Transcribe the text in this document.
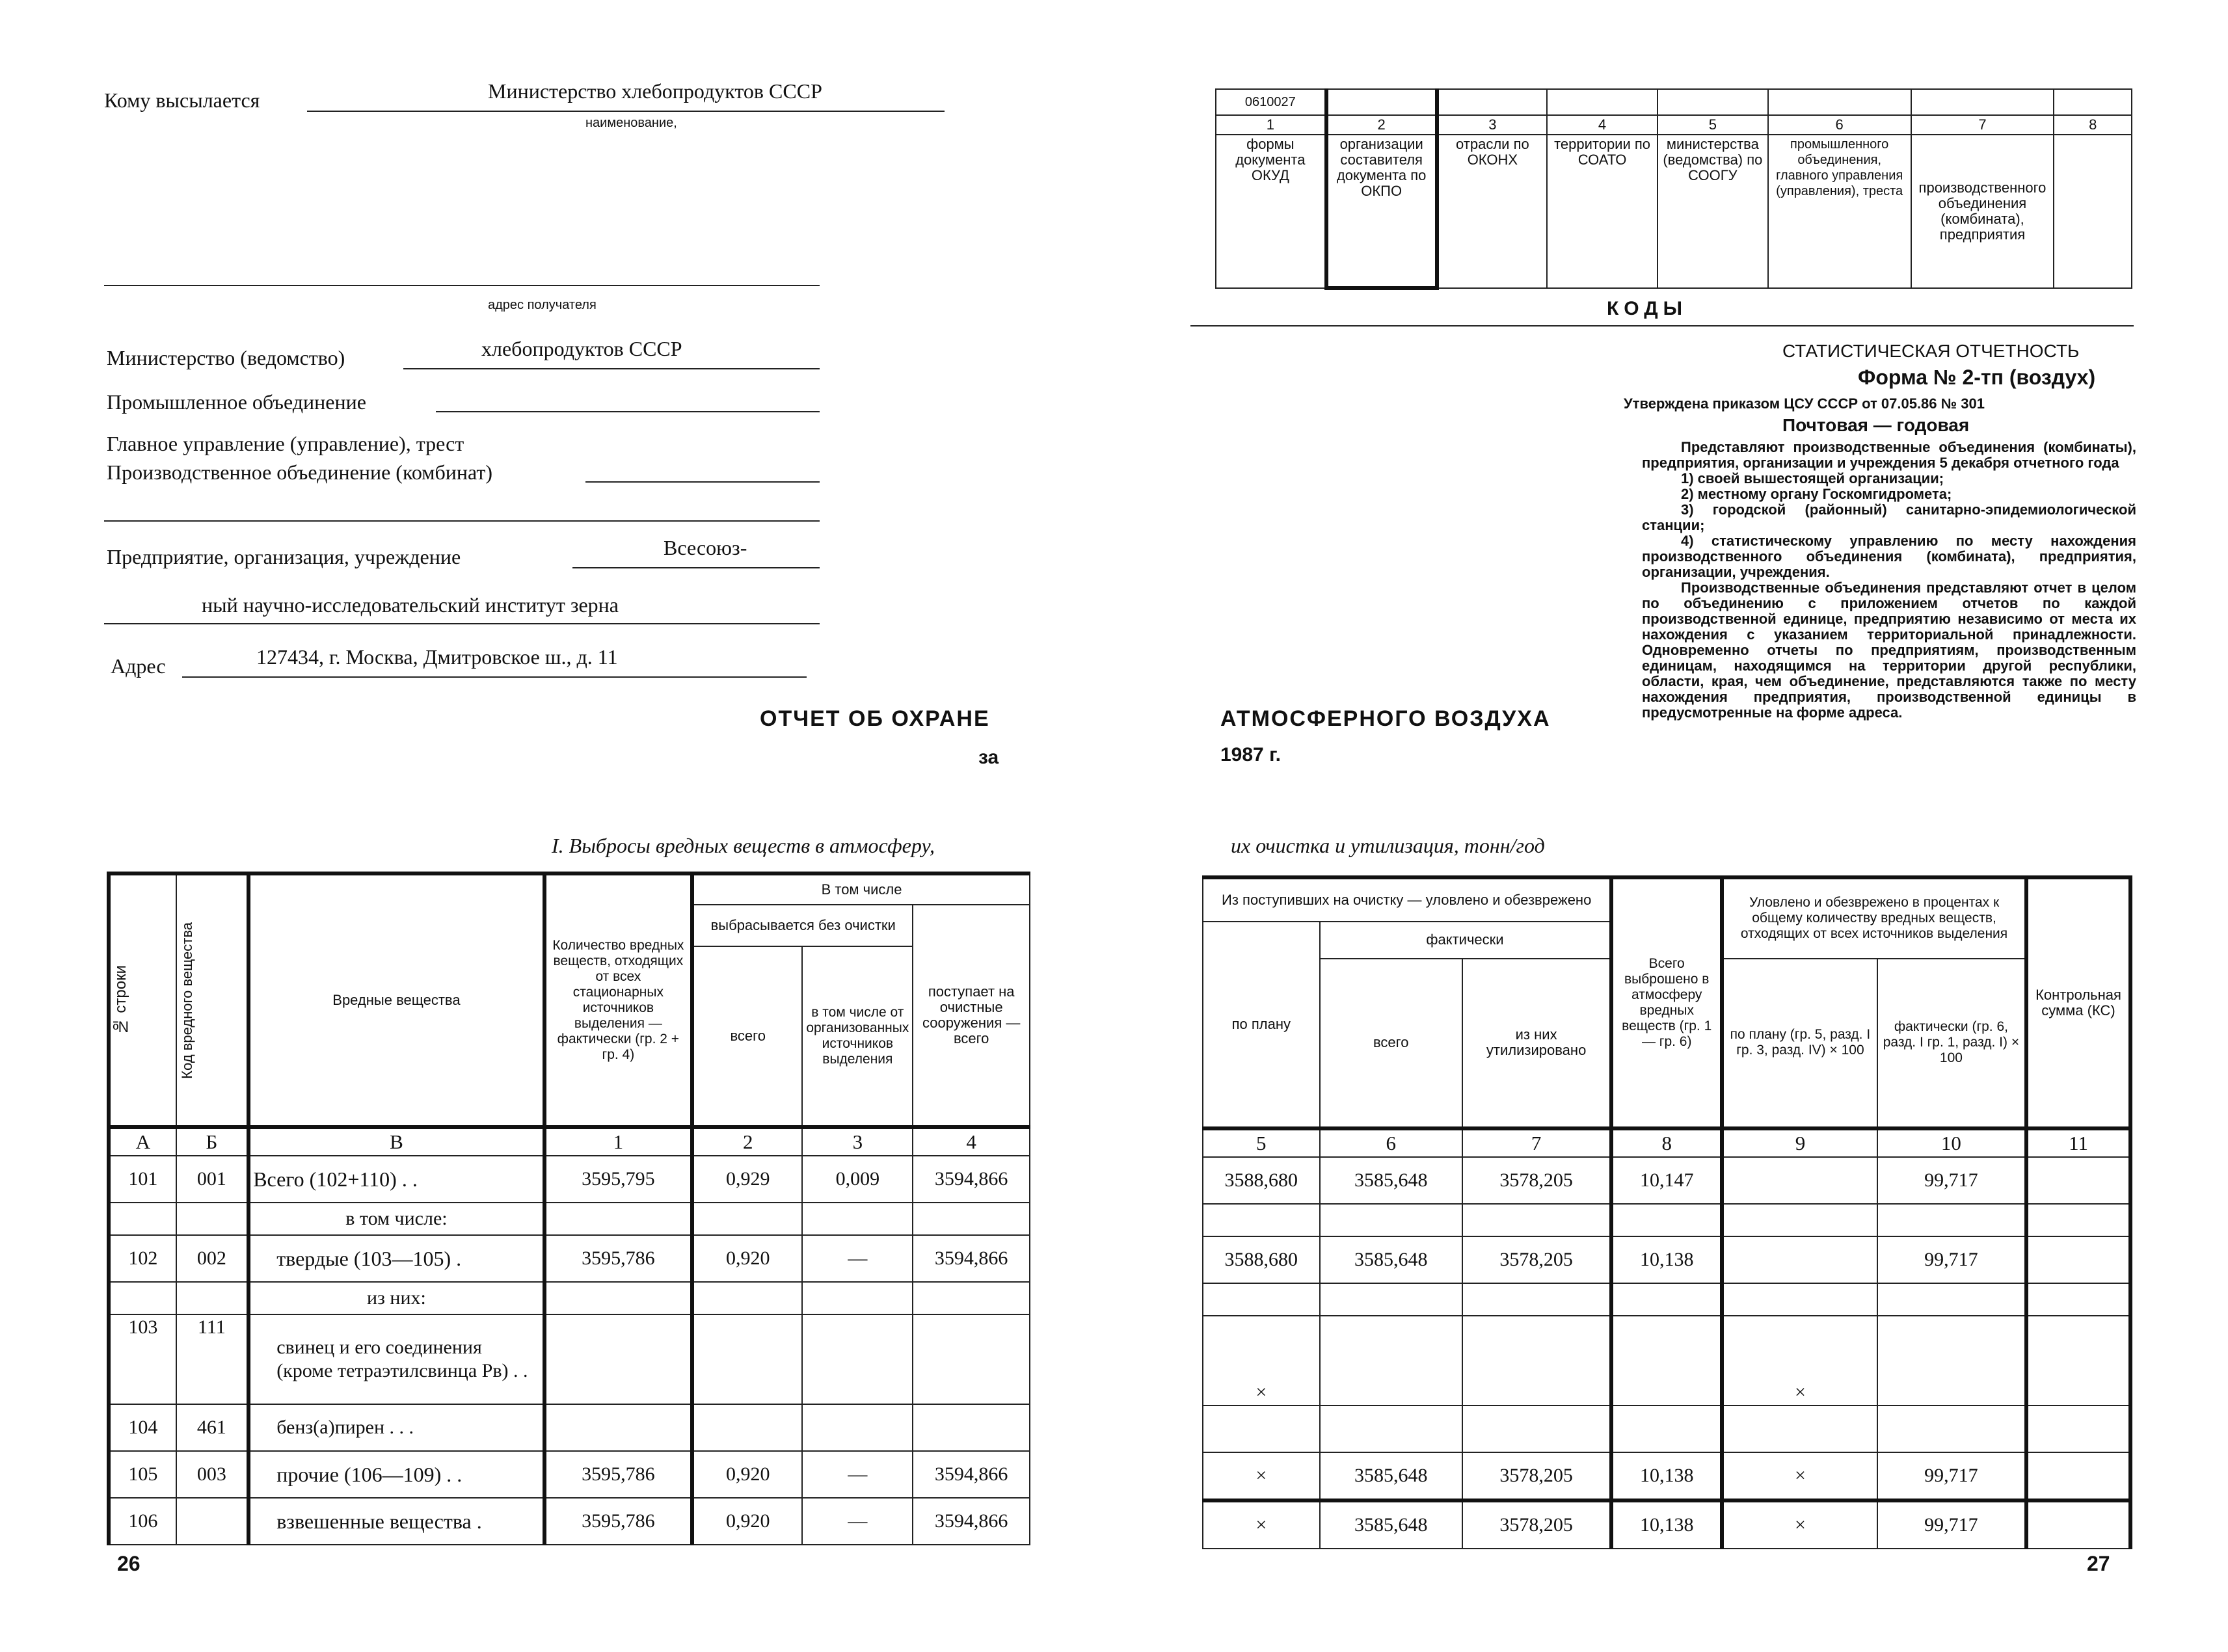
Кому высылается	Министерство хлебопродуктов СССР
наименование,
адрес получателя
Министерство (ведомство)	хлебопродуктов СССР
Промышленное объединение
Главное управление (управление), трест
Производственное объединение (комбинат)
Предприятие, организация, учреждение	Всесоюз-
ный научно-исследовательский институт зерна
Адрес	127434, г. Москва, Дмитровское ш., д. 11
ОТЧЕТ ОБ ОХРАНЕ
за
I. Выбросы вредных веществ в атмосферу,
№ строки	Код вредного вещества	Вредные вещества	Количество вредных веществ, отходящих от всех стационарных источников выделения — фактически (гр. 2 + гр. 4)	В том числе		
				выбрасывается без очистки		поступает на очистные сооружения — всего
				всего	в том числе от организованных источников выделения	
А	Б	В	1	2	3	4
101	001	Всего (102+110) . .	3595,795	0,929	0,009	3594,866
		в том числе:				
102	002	твердые (103—105) .	3595,786	0,920	—	3594,866
		из них:				
103	111	свинец и его соединения (кроме тетраэтилсвинца Рв) . .				
104	461	бенз(а)пирен . . .				
105	003	прочие (106—109) . .	3595,786	0,920	—	3594,866
106		взвешенные вещества .	3595,786	0,920	—	3594,866
26
0610027							
1	2	3	4	5	6	7	8
формы документа ОКУД	организации составителя документа по ОКПО	отрасли по ОКОНХ	территории по СОАТО	министерства (ведомства) по СООГУ	промышленного объединения, главного управления (управления), треста	производственного объединения (комбината), предприятия	
КОДЫ
СТАТИСТИЧЕСКАЯ ОТЧЕТНОСТЬ
Форма № 2-тп (воздух)
Утверждена приказом ЦСУ СССР от 07.05.86 № 301
Почтовая — годовая
Представляют производственные объединения (комбинаты), предприятия, организации и учреждения 5 декабря отчетного года
1) своей вышестоящей организации;
2) местному органу Госкомгидромета;
3) городской (районный) санитарно-эпидемиологической станции;
4) статистическому управлению по месту нахождения производственного объединения (комбината), предприятия, организации, учреждения.
Производственные объединения представляют отчет в целом по объединению с приложением отчетов по каждой производственной единице, предприятию независимо от места их нахождения с указанием территориальной принадлежности. Одновременно отчеты по предприятиям, производственным единицам, находящимся на территории другой республики, области, края, чем объединение, представляются также по месту нахождения предприятия, производственной единицы в предусмотренные на форме адреса.
АТМОСФЕРНОГО ВОЗДУХА
1987 г.
их очистка и утилизация, тонн/год
Из поступивших на очистку — уловлено и обезврежено			Всего выброшено в атмосферу вредных веществ (гр. 1 — гр. 6)	Уловлено и обезврежено в процентах к общему количеству вредных веществ, отходящих от всех источников выделения		Контрольная сумма (КС)
по плану	фактически					
	всего	из них утилизировано		по плану (гр. 5, разд. I гр. 3, разд. IV) × 100	фактически (гр. 6, разд. I гр. 1, разд. I) × 100	
5	6	7	8	9	10	11
3588,680	3585,648	3578,205	10,147		99,717	

3588,680	3585,648	3578,205	10,138		99,717	

×				×		

×	3585,648	3578,205	10,138	×	99,717	
×	3585,648	3578,205	10,138	×	99,717	
27
